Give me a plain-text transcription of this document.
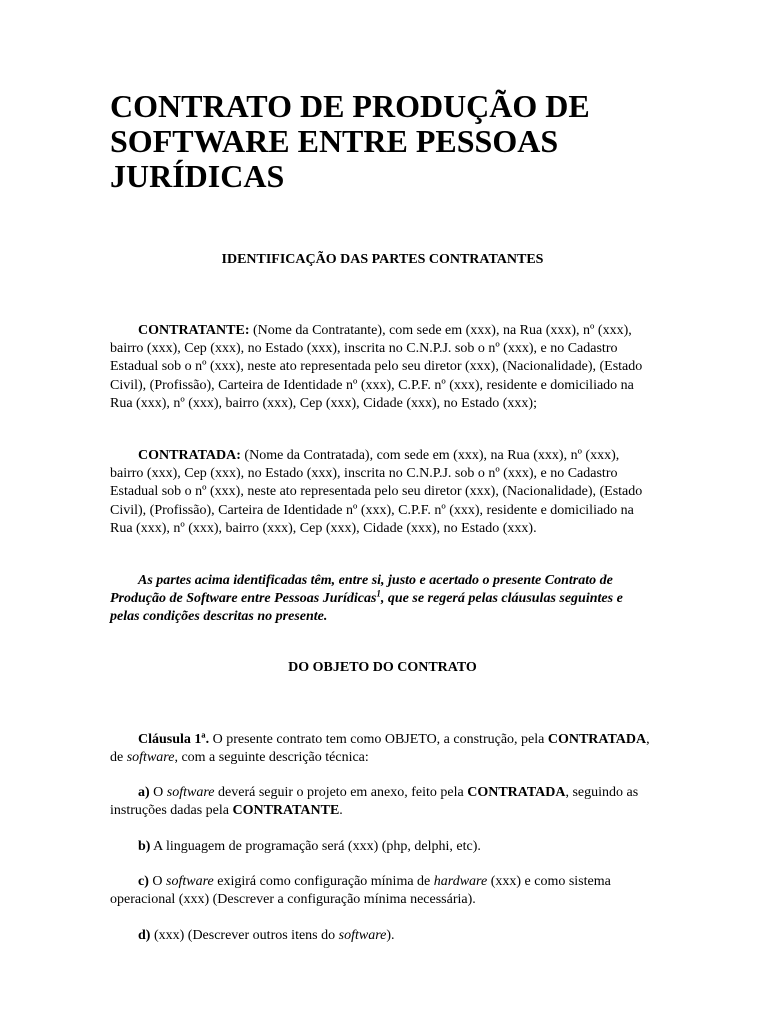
CONTRATO DE PRODUÇÃO DE SOFTWARE ENTRE PESSOAS JURÍDICAS
IDENTIFICAÇÃO DAS PARTES CONTRATANTES

CONTRATANTE: (Nome da Contratante), com sede em (xxx), na Rua (xxx), nº (xxx), bairro (xxx), Cep (xxx), no Estado (xxx), inscrita no C.N.P.J. sob o nº (xxx), e no Cadastro Estadual sob o nº (xxx), neste ato representada pelo seu diretor (xxx), (Nacionalidade), (Estado Civil), (Profissão), Carteira de Identidade nº (xxx), C.P.F. nº (xxx), residente e domiciliado na Rua (xxx), nº (xxx), bairro (xxx), Cep (xxx), Cidade (xxx), no Estado (xxx);

CONTRATADA: (Nome da Contratada), com sede em (xxx), na Rua (xxx), nº (xxx), bairro (xxx), Cep (xxx), no Estado (xxx), inscrita no C.N.P.J. sob o nº (xxx), e no Cadastro Estadual sob o nº (xxx), neste ato representada pelo seu diretor (xxx), (Nacionalidade), (Estado Civil), (Profissão), Carteira de Identidade nº (xxx), C.P.F. nº (xxx), residente e domiciliado na Rua (xxx), nº (xxx), bairro (xxx), Cep (xxx), Cidade (xxx), no Estado (xxx).

As partes acima identificadas têm, entre si, justo e acertado o presente Contrato de Produção de Software entre Pessoas Jurídicas$^1$, que se regerá pelas cláusulas seguintes e pelas condições descritas no presente.

DO OBJETO DO CONTRATO

Cláusula 1ª. O presente contrato tem como OBJETO, a construção, pela CONTRATADA, de software, com a seguinte descrição técnica:

a) O software deverá seguir o projeto em anexo, feito pela CONTRATADA, seguindo as instruções dadas pela CONTRATANTE.

b) A linguagem de programação será (xxx) (php, delphi, etc).

c) O software exigirá como configuração mínima de hardware (xxx) e como sistema operacional (xxx) (Descrever a configuração mínima necessária).

d) (xxx) (Descrever outros itens do software).
